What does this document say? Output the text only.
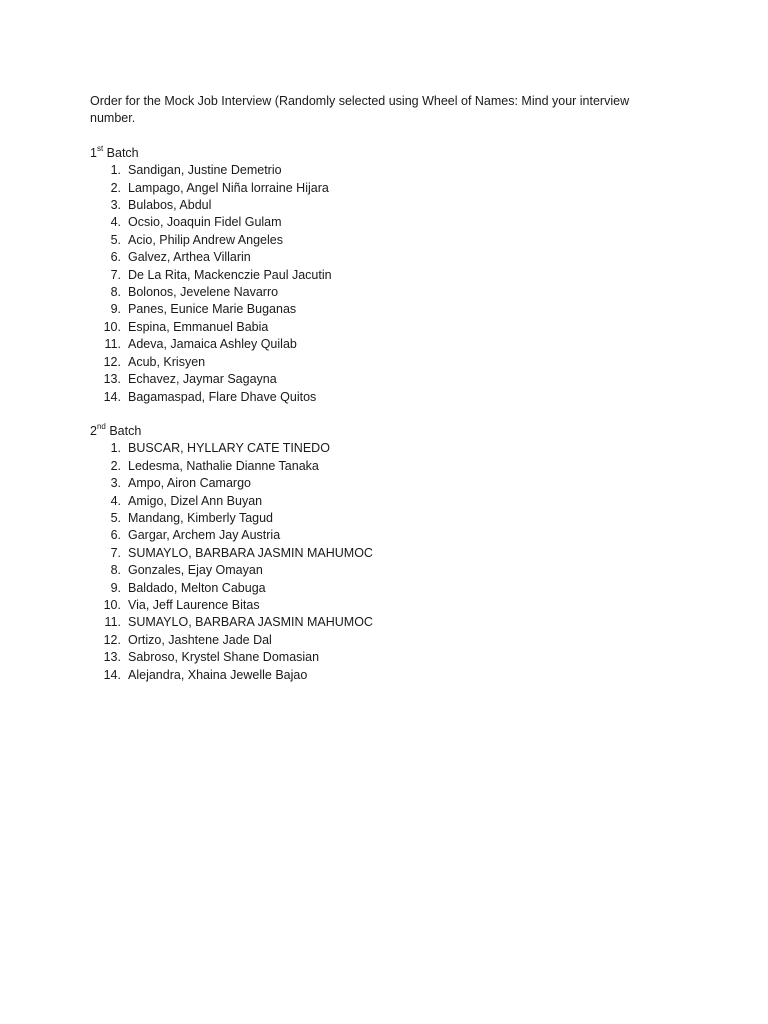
Order for the Mock Job Interview (Randomly selected using Wheel of Names: Mind your interview number.

1st Batch

1. Sandigan, Justine Demetrio
2. Lampago, Angel Niña lorraine Hijara
3. Bulabos, Abdul
4. Ocsio, Joaquin Fidel Gulam
5. Acio, Philip Andrew Angeles
6. Galvez, Arthea Villarin
7. De La Rita, Mackenczie Paul Jacutin
8. Bolonos, Jevelene Navarro
9. Panes, Eunice Marie Buganas
10. Espina, Emmanuel Babia
11. Adeva, Jamaica Ashley Quilab
12. Acub, Krisyen
13. Echavez, Jaymar Sagayna
14. Bagamaspad, Flare Dhave Quitos

2nd Batch

1. BUSCAR, HYLLARY CATE TINEDO
2. Ledesma, Nathalie Dianne Tanaka
3. Ampo, Airon Camargo
4. Amigo, Dizel Ann Buyan
5. Mandang, Kimberly Tagud
6. Gargar, Archem Jay Austria
7. SUMAYLO, BARBARA JASMIN MAHUMOC
8. Gonzales, Ejay Omayan
9. Baldado, Melton Cabuga
10. Via, Jeff Laurence Bitas
11. SUMAYLO, BARBARA JASMIN MAHUMOC
12. Ortizo, Jashtene Jade Dal
13. Sabroso, Krystel Shane Domasian
14. Alejandra, Xhaina Jewelle Bajao
